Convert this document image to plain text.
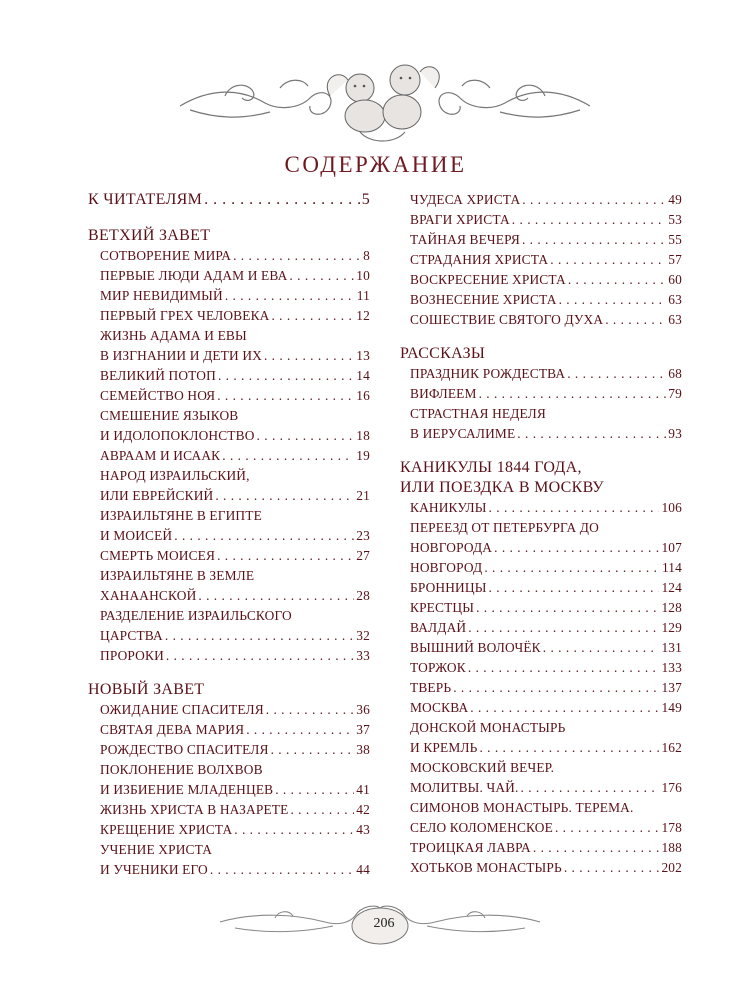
СОДЕРЖАНИЕ
К ЧИТАТЕЛЯМ . . .	5
ВЕТХИЙ ЗАВЕТ
СОТВОРЕНИЕ МИРА . . .	8
ПЕРВЫЕ ЛЮДИ АДАМ И ЕВА . . .	10
МИР НЕВИДИМЫЙ . . .	11
ПЕРВЫЙ ГРЕХ ЧЕЛОВЕКА . . .	12
ЖИЗНЬ АДАМА И ЕВЫ
В ИЗГНАНИИ И ДЕТИ ИХ . . .	13
ВЕЛИКИЙ ПОТОП . . .	14
СЕМЕЙСТВО НОЯ . . .	16
СМЕШЕНИЕ ЯЗЫКОВ
И ИДОЛОПОКЛОНСТВО . . .	18
АВРААМ И ИСААК . . .	19
НАРОД ИЗРАИЛЬСКИЙ,
ИЛИ ЕВРЕЙСКИЙ . . .	21
ИЗРАИЛЬТЯНЕ В ЕГИПТЕ
И МОИСЕЙ . . .	23
СМЕРТЬ МОИСЕЯ . . .	27
ИЗРАИЛЬТЯНЕ В ЗЕМЛЕ
ХАНААНСКОЙ . . .	28
РАЗДЕЛЕНИЕ ИЗРАИЛЬСКОГО
ЦАРСТВА . . .	32
ПРОРОКИ . . .	33
НОВЫЙ ЗАВЕТ
ОЖИДАНИЕ СПАСИТЕЛЯ . . .	36
СВЯТАЯ ДЕВА МАРИЯ . . .	37
РОЖДЕСТВО СПАСИТЕЛЯ . . .	38
ПОКЛОНЕНИЕ ВОЛХВОВ
И ИЗБИЕНИЕ МЛАДЕНЦЕВ . . .	41
ЖИЗНЬ ХРИСТА В НАЗАРЕТЕ . . .	42
КРЕЩЕНИЕ ХРИСТА . . .	43
УЧЕНИЕ ХРИСТА
И УЧЕНИКИ ЕГО . . .	44
ЧУДЕСА ХРИСТА . . .	49
ВРАГИ ХРИСТА . . .	53
ТАЙНАЯ ВЕЧЕРЯ . . .	55
СТРАДАНИЯ ХРИСТА . . .	57
ВОСКРЕСЕНИЕ ХРИСТА . . .	60
ВОЗНЕСЕНИЕ ХРИСТА . . .	63
СОШЕСТВИЕ СВЯТОГО ДУХА . . .	63
РАССКАЗЫ
ПРАЗДНИК РОЖДЕСТВА . . .	68
ВИФЛЕЕМ . . .	79
СТРАСТНАЯ НЕДЕЛЯ
В ИЕРУСАЛИМЕ . . .	93
КАНИКУЛЫ 1844 ГОДА,
ИЛИ ПОЕЗДКА В МОСКВУ
КАНИКУЛЫ . . .	106
ПЕРЕЕЗД ОТ ПЕТЕРБУРГА ДО
НОВГОРОДА . . .	107
НОВГОРОД . . .	114
БРОННИЦЫ . . .	124
КРЕСТЦЫ . . .	128
ВАЛДАЙ . . .	129
ВЫШНИЙ ВОЛОЧЁК . . .	131
ТОРЖОК . . .	133
ТВЕРЬ . . .	137
МОСКВА . . .	149
ДОНСКОЙ МОНАСТЫРЬ
И КРЕМЛЬ . . .	162
МОСКОВСКИЙ ВЕЧЕР.
МОЛИТВЫ. ЧАЙ. . . .	176
СИМОНОВ МОНАСТЫРЬ. ТЕРЕМА.
СЕЛО КОЛОМЕНСКОЕ . . .	178
ТРОИЦКАЯ ЛАВРА . . .	188
ХОТЬКОВ МОНАСТЫРЬ . . .	202
206
